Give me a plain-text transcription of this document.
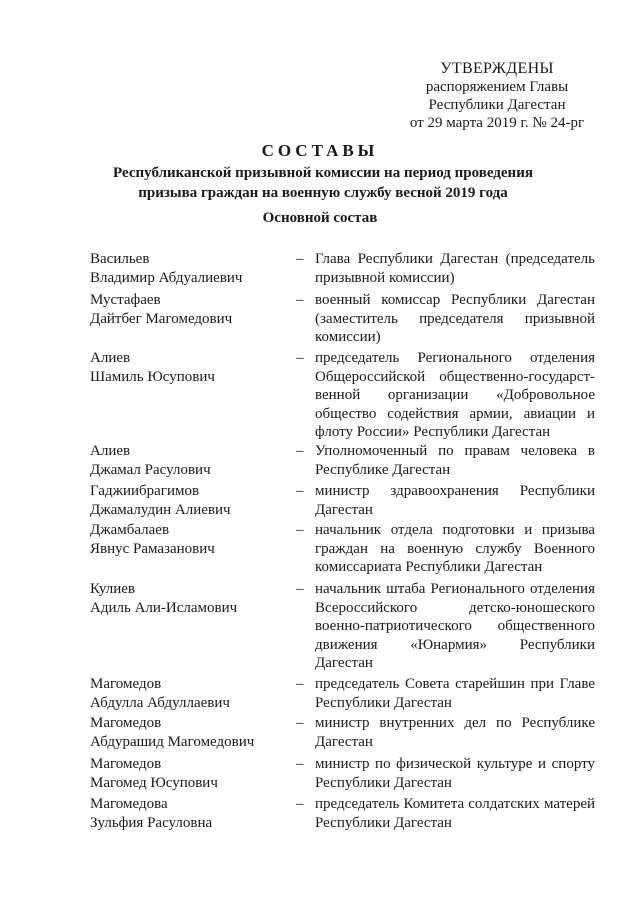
УТВЕРЖДЕНЫ
распоряжением Главы
Республики Дагестан
от 29 марта 2019 г. № 24-рг
СОСТАВЫ
Республиканской призывной комиссии на период проведения
призыва граждан на военную службу весной 2019 года
Основной состав
Васильев
Владимир Абдуалиевич
– Глава Республики Дагестан (председатель призывной комиссии)
Мустафаев
Дайтбег Магомедович
– военный комиссар Республики Дагестан (заместитель председателя призывной комиссии)
Алиев
Шамиль Юсупович
– председатель Регионального отделения Общероссийской общественно-государст-венной организации «Добровольное общество содействия армии, авиации и флоту России» Республики Дагестан
Алиев
Джамал Расулович
– Уполномоченный по правам человека в Республике Дагестан
Гаджиибрагимов
Джамалудин Алиевич
– министр здравоохранения Республики Дагестан
Джамбалаев
Явнус Рамазанович
– начальник отдела подготовки и призыва граждан на военную службу Военного комиссариата Республики Дагестан
Кулиев
Адиль Али-Исламович
– начальник штаба Регионального отделения Всероссийского детско-юношеского военно-патриотического общественного движения «Юнармия» Республики Дагестан
Магомедов
Абдулла Абдуллаевич
– председатель Совета старейшин при Главе Республики Дагестан
Магомедов
Абдурашид Магомедович
– министр внутренних дел по Республике Дагестан
Магомедов
Магомед Юсупович
– министр по физической культуре и спорту Республики Дагестан
Магомедова
Зульфия Расуловна
– председатель Комитета солдатских матерей Республики Дагестан
